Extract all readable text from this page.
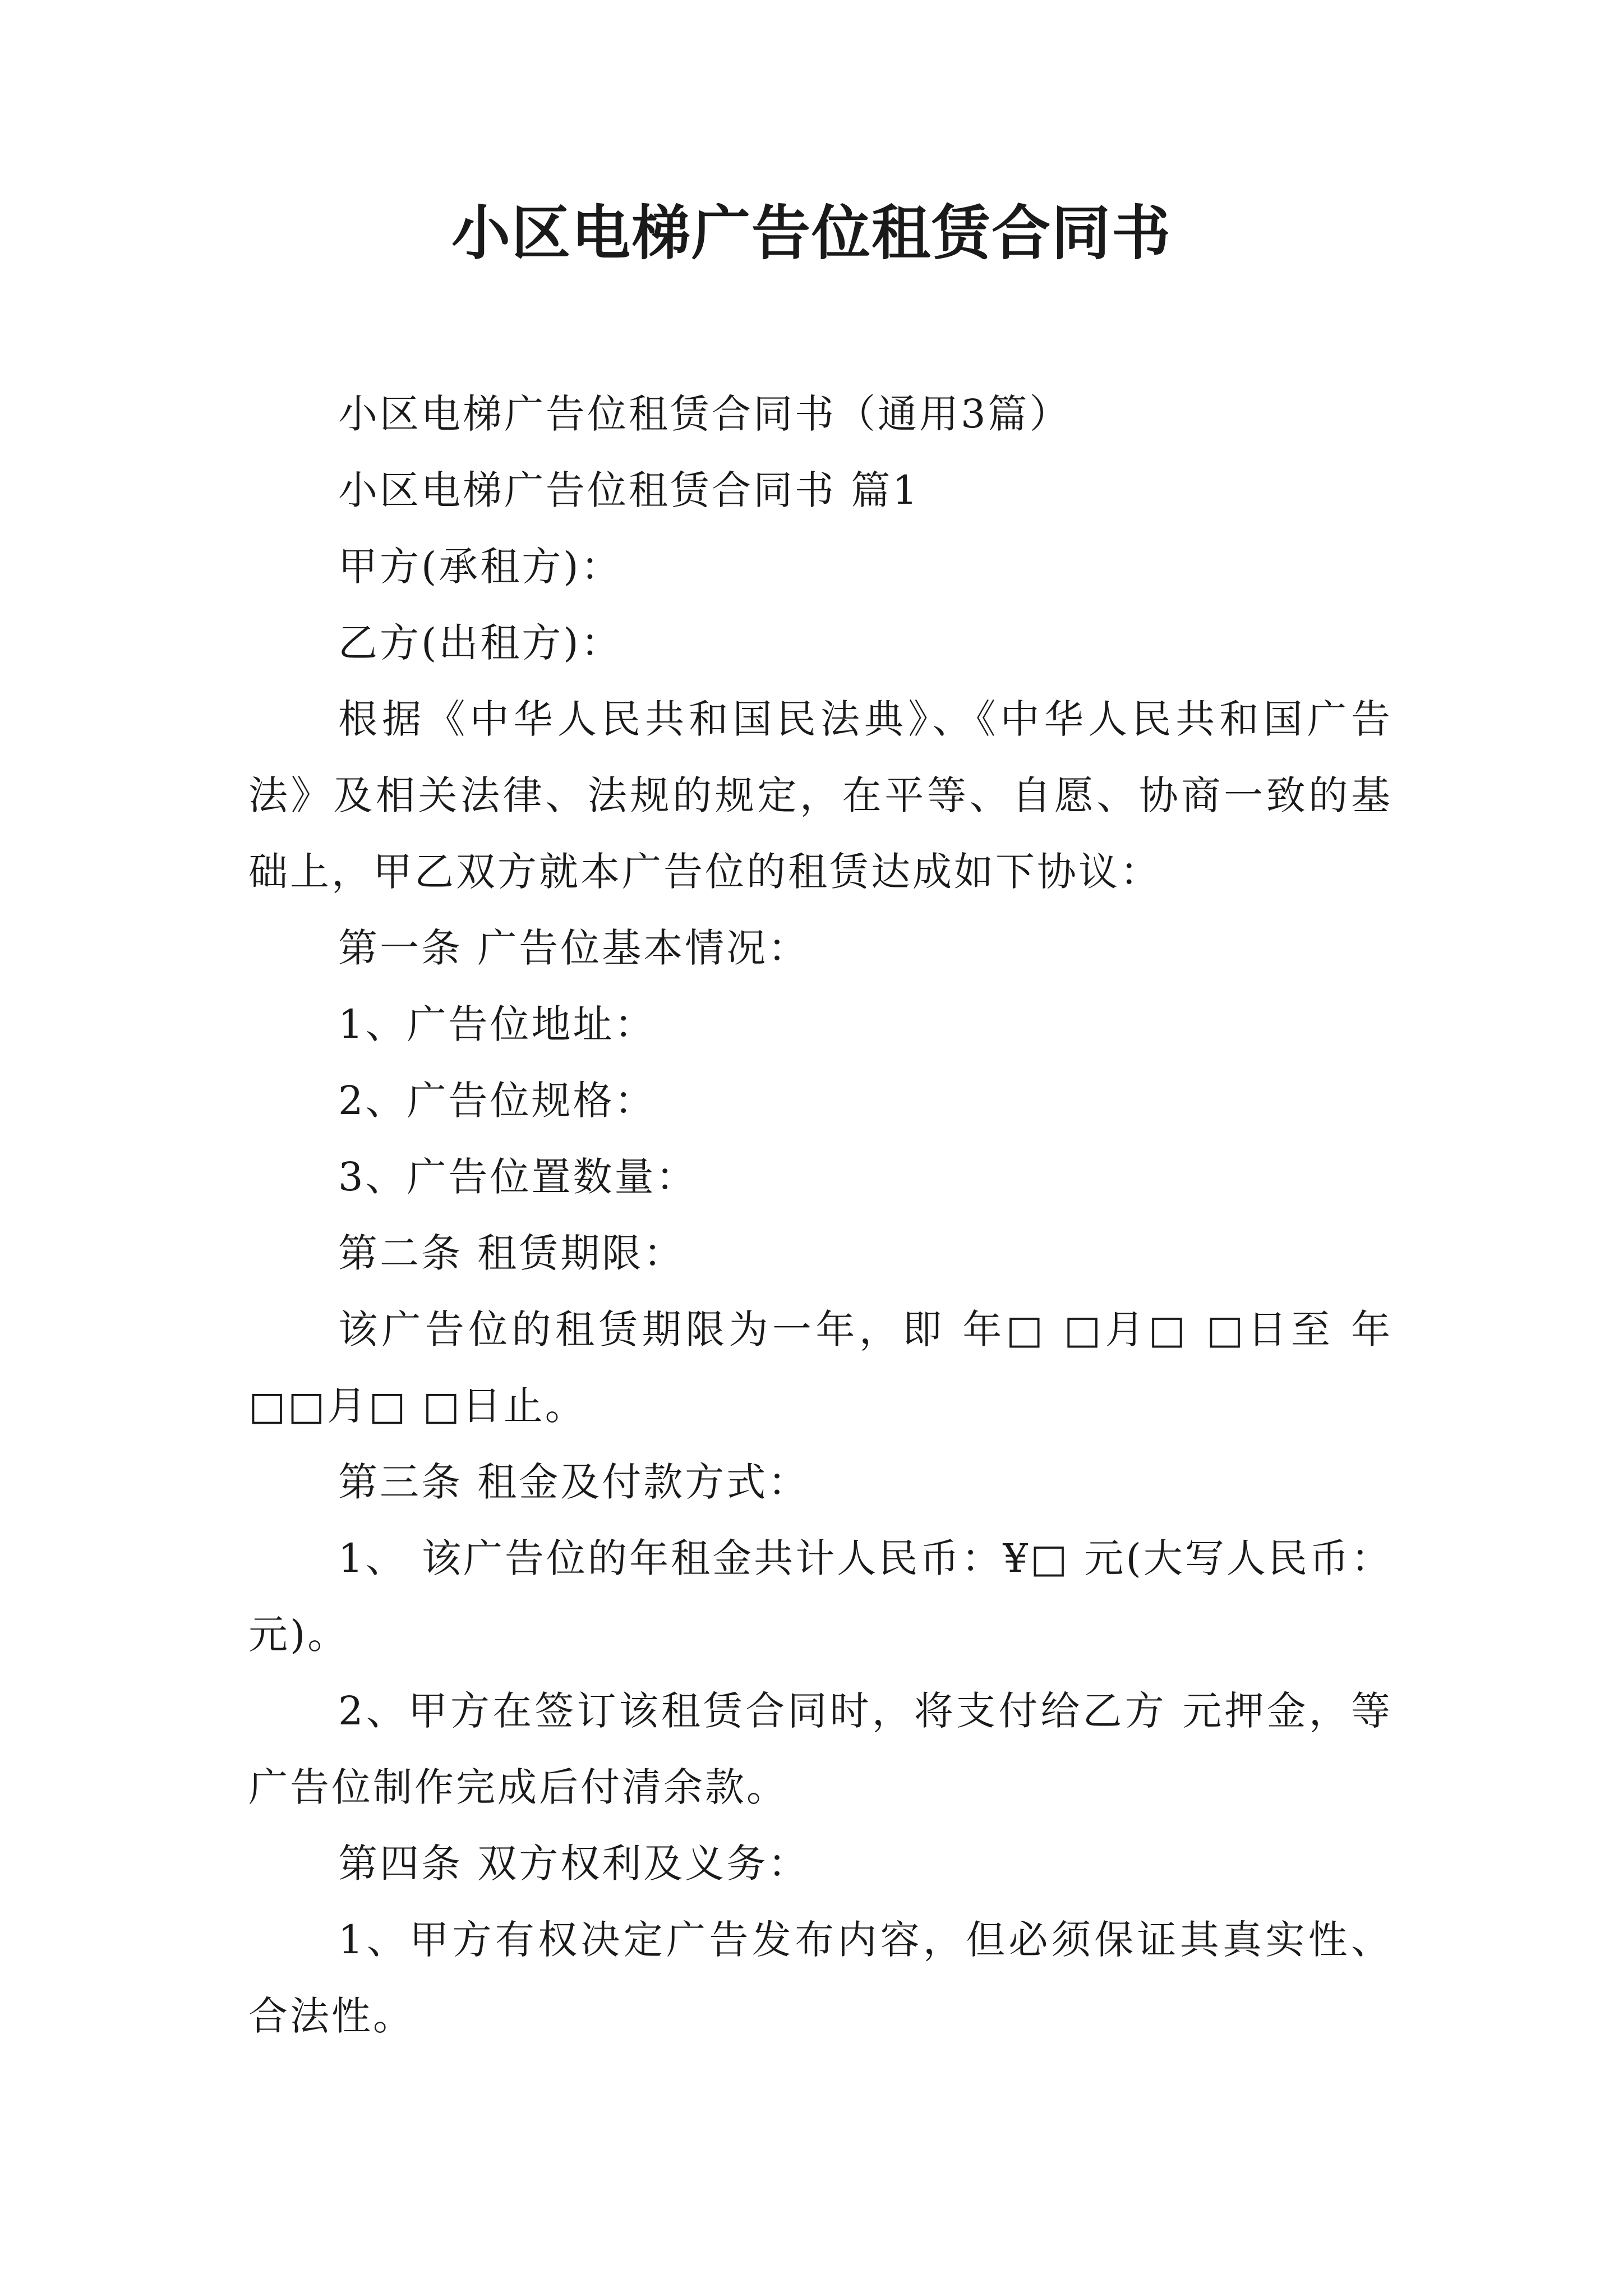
小区电梯广告位租赁合同书

小区电梯广告位租赁合同书（通用3篇）

小区电梯广告位租赁合同书 篇1

甲方(承租方)：

乙方(出租方)：

根据《中华人民共和国民法典》、《中华人民共和国广告法》及相关法律、法规的规定，在平等、自愿、协商一致的基础上，甲乙双方就本广告位的租赁达成如下协议：

第一条 广告位基本情况：

1、广告位地址：

2、广告位规格：

3、广告位置数量：

第二条 租赁期限：

该广告位的租赁期限为一年，即 年□ □月□ □日至 年□□月□ □日止。

第三条 租金及付款方式：

1、 该广告位的年租金共计人民币：¥□ 元(大写人民币： 元)。

2、甲方在签订该租赁合同时，将支付给乙方 元押金，等广告位制作完成后付清余款。

第四条 双方权利及义务：

1、甲方有权决定广告发布内容，但必须保证其真实性、合法性。
